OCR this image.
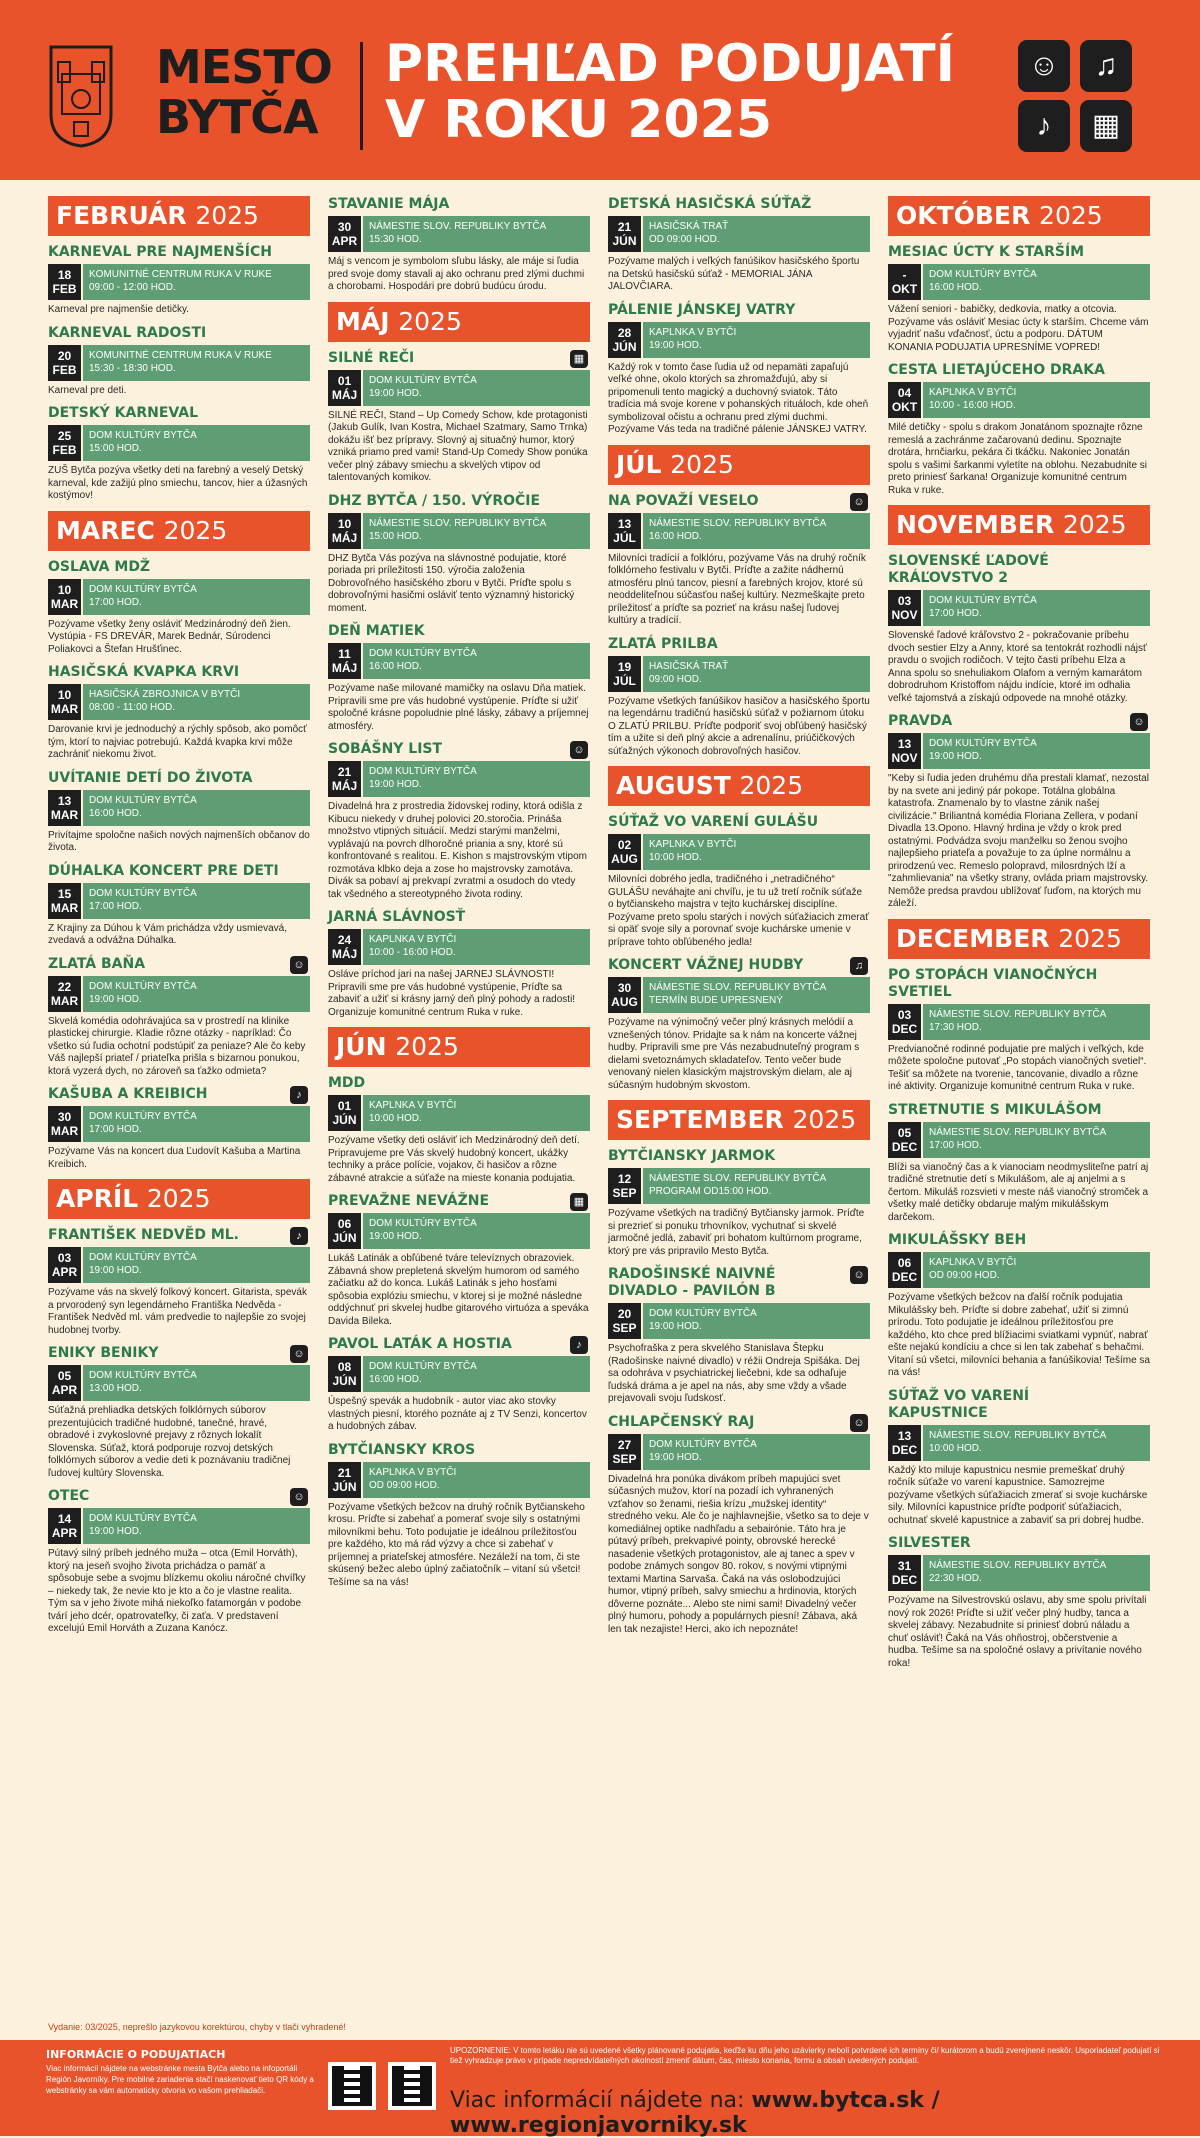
MESTO
BYTČA
PREHĽAD PODUJATÍ
V ROKU 2025
☺	♫
♪	▦
FEBRUÁR 2025
KARNEVAL PRE NAJMENŠÍCH
18
FEB
KOMUNITNÉ CENTRUM RUKA V RUKE
09:00 - 12:00 HOD.
Karneval pre najmenšie detičky.
KARNEVAL RADOSTI
20
FEB
KOMUNITNÉ CENTRUM RUKA V RUKE
15:30 - 18:30 HOD.
Karneval pre deti.
DETSKÝ KARNEVAL
25
FEB
DOM KULTÚRY BYTČA
15:00 HOD.
ZUŠ Bytča pozýva všetky deti na farebný a veselý Detský karneval, kde zažijú plno smiechu, tancov, hier a úžasných kostýmov!
MAREC 2025
OSLAVA MDŽ
10
MAR
DOM KULTÚRY BYTČA
17:00 HOD.
Pozývame všetky ženy osláviť Medzinárodný deň žien. Vystúpia - FS DREVÁR, Marek Bednár, Súrodenci Poliakovci a Štefan Hrušťinec.
HASIČSKÁ KVAPKA KRVI
10
MAR
HASIČSKÁ ZBROJNICA V BYTČI
08:00 - 11:00 HOD.
Darovanie krvi je jednoduchý a rýchly spôsob, ako pomôcť tým, ktorí to najviac potrebujú. Každá kvapka krvi môže zachrániť niekomu život.
UVÍTANIE DETÍ DO ŽIVOTA
13
MAR
DOM KULTÚRY BYTČA
16:00 HOD.
Privítajme spoločne našich nových najmenších občanov do života.
DÚHALKA KONCERT PRE DETI
15
MAR
DOM KULTÚRY BYTČA
17:00 HOD.
Z Krajiny za Dúhou k Vám prichádza vždy usmievavá, zvedavá a odvážna Dúhalka.
ZLATÁ BAŇA	☺
22
MAR
DOM KULTÚRY BYTČA
19:00 HOD.
Skvelá komédia odohrávajúca sa v prostredí na klinike plastickej chirurgie. Kladie rôzne otázky - napríklad: Čo všetko sú ľudia ochotní podstúpiť za peniaze? Ale čo keby Váš najlepší priateľ / priateľka prišla s bizarnou ponukou, ktorá vyzerá dych, no zároveň sa ťažko odmieta?
KAŠUBA A KREIBICH	♪
30
MAR
DOM KULTÚRY BYTČA
17:00 HOD.
Pozývame Vás na koncert dua Ľudovít Kašuba a Martina Kreibich.
APRÍL 2025
FRANTIŠEK NEDVĚD ML.	♪
03
APR
DOM KULTÚRY BYTČA
19:00 HOD.
Pozývame vás na skvelý folkový koncert. Gitarista, spevák a prvorodený syn legendárneho Františka Nedvěda - František Nedvěd ml. vám predvedie to najlepšie zo svojej hudobnej tvorby.
ENIKY BENIKY	☺
05
APR
DOM KULTÚRY BYTČA
13:00 HOD.
Súťažná prehliadka detských folklórnych súborov prezentujúcich tradičné hudobné, tanečné, hravé, obradové i zvykoslovné prejavy z rôznych lokalít Slovenska. Súťaž, ktorá podporuje rozvoj detských folklórnych súborov a vedie deti k poznávaniu tradičnej ľudovej kultúry Slovenska.
OTEC	☺
14
APR
DOM KULTÚRY BYTČA
19:00 HOD.
Pútavý silný príbeh jedného muža – otca (Emil Horváth), ktorý na jeseň svojho života prichádza o pamäť a spôsobuje sebe a svojmu blízkemu okoliu náročné chvíľky – niekedy tak, že nevie kto je kto a čo je vlastne realita. Tým sa v jeho živote mihá niekoľko fatamorgán v podobe tvárí jeho dcér, opatrovateľky, či zaťa. V predstavení excelujú Emil Horváth a Zuzana Kanócz.
STAVANIE MÁJA
30
APR
NÁMESTIE SLOV. REPUBLIKY BYTČA
15:30 HOD.
Máj s vencom je symbolom sľubu lásky, ale máje si ľudia pred svoje domy stavali aj ako ochranu pred zlými duchmi a chorobami. Hospodári pre dobrú budúcu úrodu.
MÁJ 2025
SILNÉ REČI	▦
01
MÁJ
DOM KULTÚRY BYTČA
19:00 HOD.
SILNÉ REČI, Stand – Up Comedy Schow, kde protagonisti (Jakub Gulík, Ivan Kostra, Michael Szatmary, Samo Trnka) dokážu išť bez prípravy. Slovný aj situačný humor, ktorý vzniká priamo pred vami! Stand-Up Comedy Show ponúka večer plný zábavy smiechu a skvelých vtipov od talentovaných komikov.
DHZ BYTČA / 150. VÝROČIE
10
MÁJ
NÁMESTIE SLOV. REPUBLIKY BYTČA
15:00 HOD.
DHZ Bytča Vás pozýva na slávnostné podujatie, ktoré poriada pri príležitosti 150. výročia založenia Dobrovoľného hasičského zboru v Bytči. Príďte spolu s dobrovoľnými hasičmi osláviť tento významný historický moment.
DEŇ MATIEK
11
MÁJ
DOM KULTÚRY BYTČA
16:00 HOD.
Pozývame naše milované mamičky na oslavu Dňa matiek. Pripravili sme pre vás hudobné vystúpenie. Príďte si užiť spoločné krásne popoludnie plné lásky, zábavy a príjemnej atmosféry.
SOBÁŠNY LIST	☺
21
MÁJ
DOM KULTÚRY BYTČA
19:00 HOD.
Divadelná hra z prostredia židovskej rodiny, ktorá odišla z Kibucu niekedy v druhej polovici 20.storočia. Prináša množstvo vtipných situácií. Medzi starými manželmi, vyplávajú na povrch dlhoročné priania a sny, ktoré sú konfrontované s realitou. E. Kishon s majstrovským vtipom rozmotáva klbko deja a zose ho majstrovsky zamotáva. Divák sa pobaví aj prekvapí zvratmi a osudoch do vtedy tak všedného a stereotypného života rodiny.
JARNÁ SLÁVNOSŤ
24
MÁJ
KAPLNKA V BYTČI
10:00 - 16:00 HOD.
Osláve príchod jari na našej JARNEJ SLÁVNOSTI! Pripravili sme pre vás hudobné vystúpenie, Príďte sa zabaviť a užiť si krásny jarný deň plný pohody a radosti! Organizuje komunitné centrum Ruka v ruke.
JÚN 2025
MDD
01
JÚN
KAPLNKA V BYTČI
10:00 HOD.
Pozývame všetky deti osláviť ich Medzinárodný deň detí. Pripravujeme pre Vás skvelý hudobný koncert, ukážky techniky a práce polície, vojakov, či hasičov a rôzne zábavné atrakcie a súťaže na mieste konania podujatia.
PREVAŽNE NEVÁŽNE	▦
06
JÚN
DOM KULTÚRY BYTČA
19:00 HOD.
Lukáš Latinák a obľúbené tváre televíznych obrazoviek. Zábavná show prepletená skvelým humorom od samého začiatku až do konca. Lukáš Latinák s jeho hosťami spôsobia explóziu smiechu, v ktorej si je možné následne oddýchnuť pri skvelej hudbe gitarového virtuóza a speváka Davida Bileka.
PAVOL LATÁK A HOSTIA	♪
08
JÚN
DOM KULTÚRY BYTČA
16:00 HOD.
Úspešný spevák a hudobník - autor viac ako stovky vlastných piesní, ktorého poznáte aj z TV Senzi, koncertov a hudobných zábav.
BYTČIANSKY KROS
21
JÚN
KAPLNKA V BYTČI
OD 09:00 HOD.
Pozývame všetkých bežcov na druhý ročník Bytčianskeho krosu. Príďte si zabehať a pomerať svoje sily s ostatnými milovníkmi behu. Toto podujatie je ideálnou príležitosťou pre každého, kto má rád výzvy a chce si zabehať v príjemnej a priateľskej atmosfére. Nezáleží na tom, či ste skúsený bežec alebo úplný začiatočník – vitaní sú všetci! Tešíme sa na vás!
DETSKÁ HASIČSKÁ SÚŤAŽ
21
JÚN
HASIČSKÁ TRAŤ
OD 09:00 HOD.
Pozývame malých i veľkých fanúšikov hasičského športu na Detskú hasičskú súťaž - MEMORIAL JÁNA JALOVČIARA.
PÁLENIE JÁNSKEJ VATRY
28
JÚN
KAPLNKA V BYTČI
19:00 HOD.
Každý rok v tomto čase ľudia už od nepamäti zapaľujú veľké ohne, okolo ktorých sa zhromažďujú, aby si pripomenuli tento magický a duchovný sviatok. Táto tradícia má svoje korene v pohanských rituáloch, kde oheň symbolizoval očistu a ochranu pred zlými duchmi. Pozývame Vás teda na tradičné pálenie JÁNSKEJ VATRY.
JÚL 2025
NA POVAŽÍ VESELO	☺
13
JÚL
NÁMESTIE SLOV. REPUBLIKY BYTČA
16:00 HOD.
Milovníci tradícií a folklóru, pozývame Vás na druhý ročník folklórneho festivalu v Bytči. Príďte a zažite nádhernú atmosféru plnú tancov, piesní a farebných krojov, ktoré sú neoddeliteľnou súčasťou našej kultúry. Nezmeškajte preto príležitosť a príďte sa pozrieť na krásu našej ľudovej kultúry a tradícií.
ZLATÁ PRILBA
19
JÚL
HASIČSKÁ TRAŤ
09:00 HOD.
Pozývame všetkých fanúšikov hasičov a hasičského športu na legendárnu tradičnú hasičskú súťaž v požiarnom útoku O ZLATÚ PRILBU. Príďte podporiť svoj obľúbený hasičský tím a užite si deň plný akcie a adrenalínu, priúčičkových súťažných výkonoch dobrovoľných hasičov.
AUGUST 2025
SÚŤAŽ VO VARENÍ GULÁŠU
02
AUG
KAPLNKA V BYTČI
10:00 HOD.
Milovníci dobrého jedla, tradičného i „netradičného“ GULÁŠU neváhajte ani chvíľu, je tu už tretí ročník súťaže o bytčianskeho majstra v tejto kuchárskej disciplíne. Pozývame preto spolu starých i nových súťažiacich zmerať si opäť svoje sily a porovnať svoje kuchárske umenie v príprave tohto obľúbeného jedla!
KONCERT VÁŽNEJ HUDBY	♫
30
AUG
NÁMESTIE SLOV. REPUBLIKY BYTČA
TERMÍN BUDE UPRESNENÝ
Pozývame na výnimočný večer plný krásnych melódií a vznešených tónov. Pridajte sa k nám na koncerte vážnej hudby. Pripravili sme pre Vás nezabudnuteľný program s dielami svetoznámych skladateľov. Tento večer bude venovaný nielen klasickým majstrovským dielam, ale aj súčasným hudobným skvostom.
SEPTEMBER 2025
BYTČIANSKY JARMOK
12
SEP
NÁMESTIE SLOV. REPUBLIKY BYTČA
PROGRAM OD15:00 HOD.
Pozývame všetkých na tradičný Bytčiansky jarmok. Príďte si prezrieť si ponuku trhovníkov, vychutnať si skvelé jarmočné jedlá, zabaviť pri bohatom kultúrnom programe, ktorý pre vás pripravilo Mesto Bytča.
RADOŠINSKÉ NAIVNÉ DIVADLO - PAVILÓN B
☺
20
SEP
DOM KULTÚRY BYTČA
19:00 HOD.
Psychofraška z pera skvelého Stanislava Štepku (Radošinske naivné divadlo) v réžii Ondreja Spišáka. Dej sa odohráva v psychiatrickej liečebni, kde sa odhaľuje ľudská dráma a je apel na nás, aby sme vždy a všade prejavovali svoju ľudskosť.
CHLAPČENSKÝ RAJ	☺
27
SEP
DOM KULTÚRY BYTČA
19:00 HOD.
Divadelná hra ponúka divákom príbeh mapujúci svet súčasných mužov, ktorí na pozadí ich vyhranených vzťahov so ženami, riešia krízu „mužskej identity“ stredného veku. Ale čo je najhlavnejšie, všetko sa to deje v komediálnej optike nadhľadu a sebairónie. Táto hra je pútavý príbeh, prekvapivé pointy, obrovské herecké nasadenie všetkých protagonistov, ale aj tanec a spev v podobe známych songov 80. rokov, s novými vtipnými textami Martina Sarvaša. Čaká na vás oslobodzujúci humor, vtipný príbeh, salvy smiechu a hrdinovia, ktorých dôverne poznáte... Alebo ste nimi sami! Divadelný večer plný humoru, pohody a populárnych piesní! Zábava, aká len tak nezajiste! Herci, ako ich nepoznáte!
OKTÓBER 2025
MESIAC ÚCTY K STARŠÍM
-
OKT
DOM KULTÚRY BYTČA
16:00 HOD.
Vážení seniori - babičky, dedkovia, matky a otcovia. Pozývame vás osláviť Mesiac úcty k starším. Chceme vám vyjadriť našu vďačnosť, úctu a podporu. DÁTUM KONANIA PODUJATIA UPRESNÍME VOPRED!
CESTA LIETAJÚCEHO DRAKA
04
OKT
KAPLNKA V BYTČI
10:00 - 16:00 HOD.
Milé detičky - spolu s drakom Jonatánom spoznajte rôzne remeslá a zachránme začarovanú dedinu. Spoznajte drotára, hrnčiarku, pekára či tkáčku. Nakoniec Jonatán spolu s vašimi šarkanmi vyletíte na oblohu. Nezabudnite si preto priniesť šarkana! Organizuje komunitné centrum Ruka v ruke.
NOVEMBER 2025
SLOVENSKÉ ĽADOVÉ KRÁĽOVSTVO 2
03
NOV
DOM KULTÚRY BYTČA
17:00 HOD.
Slovenské ľadové kráľovstvo 2 - pokračovanie príbehu dvoch sestier Elzy a Anny, ktoré sa tentokrát rozhodli nájsť pravdu o svojich rodičoch. V tejto časti príbehu Elza a Anna spolu so snehuliakom Olafom a verným kamarátom dobrodruhom Kristoffom nájdu indície, ktoré im odhalia veľké tajomstvá a získajú odpovede na mnohé otázky.
PRAVDA	☺
13
NOV
DOM KULTÚRY BYTČA
19:00 HOD.
"Keby si ľudia jeden druhému dňa prestali klamať, nezostal by na svete ani jediný pár pokope. Totálna globálna katastrofa. Znamenalo by to vlastne zánik našej civilizácie." Briliantná komédia Floriana Zellera, v podaní Divadla 13.Opono. Hlavný hrdina je vždy o krok pred ostatnými. Podvádza svoju manželku so ženou svojho najlepšieho priateľa a považuje to za úplne normálnu a prirodzenú vec. Remeslo polopravd, milosrdných lží a "zahmlievania" na všetky strany, ovláda priam majstrovsky. Nemôže predsa pravdou ublížovať ľuďom, na ktorých mu záleží.
DECEMBER 2025
PO STOPÁCH VIANOČNÝCH SVETIEL
03
DEC
NÁMESTIE SLOV. REPUBLIKY BYTČA
17:30 HOD.
Predvianočné rodinné podujatie pre malých i veľkých, kde môžete spoločne putovať „Po stopách vianočných svetiel“. Tešiť sa môžete na tvorenie, tancovanie, divadlo a rôzne iné aktivity. Organizuje komunitné centrum Ruka v ruke.
STRETNUTIE S MIKULÁŠOM
05
DEC
NÁMESTIE SLOV. REPUBLIKY BYTČA
17:00 HOD.
Blíži sa vianočný čas a k vianociam neodmysliteľne patrí aj tradičné stretnutie detí s Mikulášom, ale aj anjelmi a s čertom. Mikuláš rozsvieti v meste náš vianočný stromček a všetky malé detičky obdaruje malým mikulášskym darčekom.
MIKULÁŠSKY BEH
06
DEC
KAPLNKA V BYTČI
OD 09:00 HOD.
Pozývame všetkých bežcov na ďalší ročník podujatia Mikulášsky beh. Príďte si dobre zabehať, užiť si zimnú prírodu. Toto podujatie je ideálnou príležitosťou pre každého, kto chce pred blížiacimi sviatkami vypnúť, nabrať ešte nejakú kondíciu a chce si len tak zabehať s behačmi. Vitaní sú všetci, milovníci behania a fanúšikovia! Tešíme sa na vás!
SÚŤAŽ VO VARENÍ KAPUSTNICE
13
DEC
NÁMESTIE SLOV. REPUBLIKY BYTČA
10:00 HOD.
Každý kto miluje kapustnicu nesmie premeškať druhý ročník súťaže vo varení kapustnice. Samozrejme pozývame všetkých súťažiacich zmerať si svoje kuchárske sily. Milovníci kapustnice príďte podporiť súťažiacich, ochutnať skvelé kapustnice a zabaviť sa pri dobrej hudbe.
SILVESTER
31
DEC
NÁMESTIE SLOV. REPUBLIKY BYTČA
22:30 HOD.
Pozývame na Silvestrovskú oslavu, aby sme spolu privítali nový rok 2026! Príďte si užiť večer plný hudby, tanca a skvelej zábavy. Nezabudnite si priniesť dobrú náladu a chuť osláviť! Čaká na Vás ohňostroj, občerstvenie a hudba. Tešíme sa na spoločné oslavy a privítanie nového roka!
Vydanie: 03/2025, neprešlo jazykovou korektúrou, chyby v tlači vyhradené!
INFORMÁCIE O PODUJATIACH
Viac informácií nájdete na webstránke mesta Bytča alebo na infoportáli Región Javorníky. Pre mobilné zariadenia stačí naskenovať tieto QR kódy a webstránky sa vám automaticky otvoria vo vašom prehliadači.
UPOZORNENIE: V tomto letáku nie sú uvedené všetky plánované podujatia, keďže ku dňu jeho uzávierky nebolí potvrdené ich termíny či/ kurátorom a budú zverejnené neskôr. Usporiadateľ podujatí si tiež vyhradzuje právo v prípade nepredvídateľných okolností zmeniť dátum, čas, miesto konania, formu a obsah uvedených podujatí.
Viac informácií nájdete na: www.bytca.sk / www.regionjavorniky.sk
